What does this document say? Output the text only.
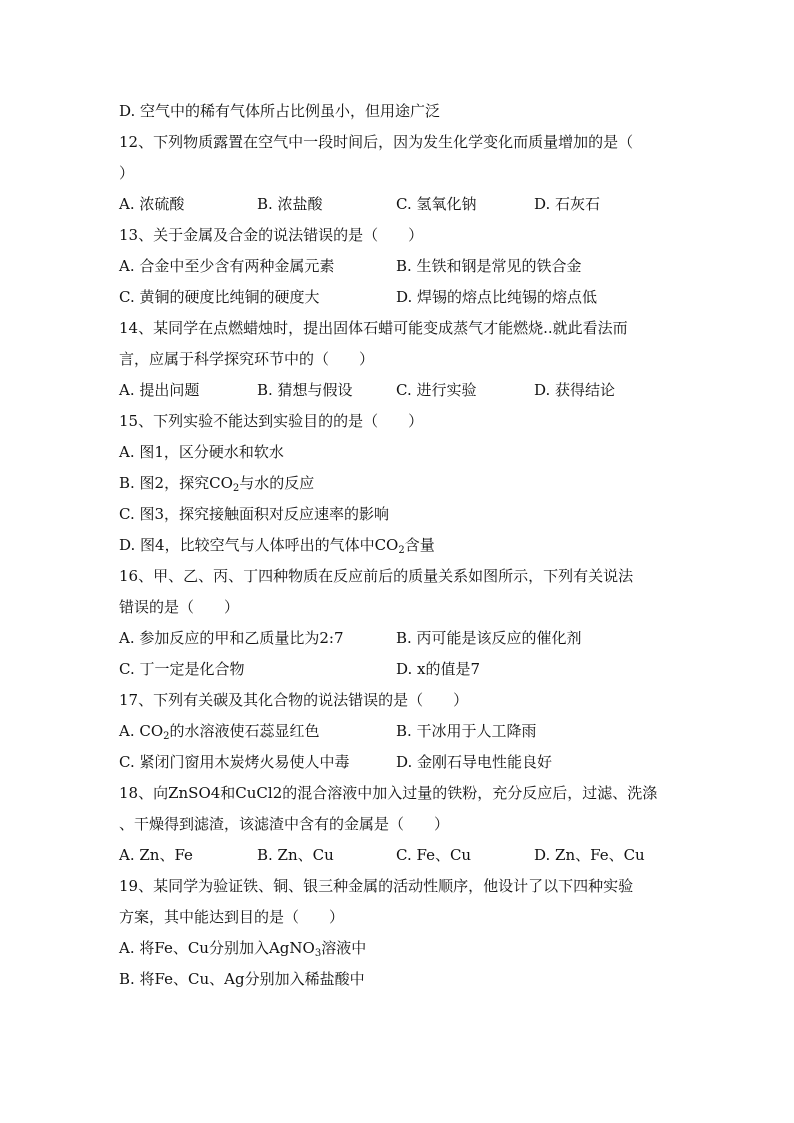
D. 空气中的稀有气体所占比例虽小，但用途广泛
12、下列物质露置在空气中一段时间后，因为发生化学变化而质量增加的是（
）
A. 浓硫酸	B. 浓盐酸	C. 氢氧化钠	D. 石灰石
13、关于金属及合金的说法错误的是（　　）
A. 合金中至少含有两种金属元素	B. 生铁和钢是常见的铁合金
C. 黄铜的硬度比纯铜的硬度大	D. 焊锡的熔点比纯锡的熔点低
14、某同学在点燃蜡烛时，提出固体石蜡可能变成蒸气才能燃烧..就此看法而
言，应属于科学探究环节中的（　　）
A. 提出问题	B. 猜想与假设	C. 进行实验	D. 获得结论
15、下列实验不能达到实验目的的是（　　）
A. 图1，区分硬水和软水
B. 图2，探究$CO_2$与水的反应
C. 图3，探究接触面积对反应速率的影响
D. 图4，比较空气与人体呼出的气体中$CO_2$含量
16、甲、乙、丙、丁四种物质在反应前后的质量关系如图所示，下列有关说法
错误的是（　　）
A. 参加反应的甲和乙质量比为2:7	B. 丙可能是该反应的催化剂
C. 丁一定是化合物	D. x的值是7
17、下列有关碳及其化合物的说法错误的是（　　）
A. $CO_2$的水溶液使石蕊显红色	B. 干冰用于人工降雨
C. 紧闭门窗用木炭烤火易使人中毒	D. 金刚石导电性能良好
18、向ZnSO4和CuCl2的混合溶液中加入过量的铁粉，充分反应后，过滤、洗涤
、干燥得到滤渣，该滤渣中含有的金属是（　　）
A. Zn、Fe	B. Zn、Cu	C. Fe、Cu	D. Zn、Fe、Cu
19、某同学为验证铁、铜、银三种金属的活动性顺序，他设计了以下四种实验
方案，其中能达到目的是（　　）
A. 将Fe、Cu分别加入AgNO$_3$溶液中
B. 将Fe、Cu、Ag分别加入稀盐酸中
